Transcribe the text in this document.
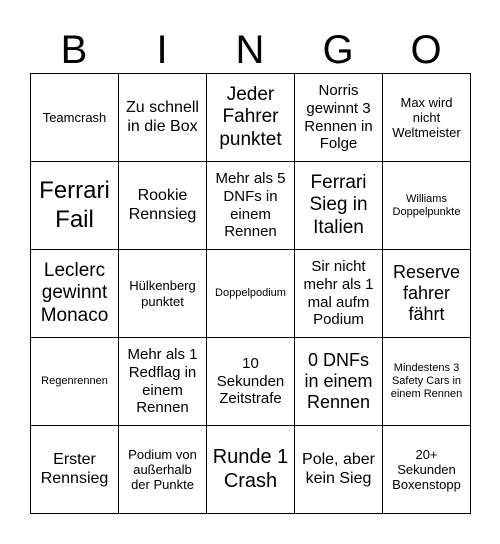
B	I	N	G	O
Teamcrash
Zu schnell in die Box
Jeder Fahrer punktet
Norris gewinnt 3 Rennen in Folge
Max wird nicht Weltmeister
Ferrari Fail
Rookie Rennsieg
Mehr als 5 DNFs in einem Rennen
Ferrari Sieg in Italien
Williams Doppelpunkte
Leclerc gewinnt Monaco
Hülkenberg punktet
Doppelpodium
Sir nicht mehr als 1 mal aufm Podium
Reserve fahrer fährt
Regenrennen
Mehr als 1 Redflag in einem Rennen
10 Sekunden Zeitstrafe
0 DNFs in einem Rennen
Mindestens 3 Safety Cars in einem Rennen
Erster Rennsieg
Podium von außerhalb der Punkte
Runde 1 Crash
Pole, aber kein Sieg
20+ Sekunden Boxenstopp
